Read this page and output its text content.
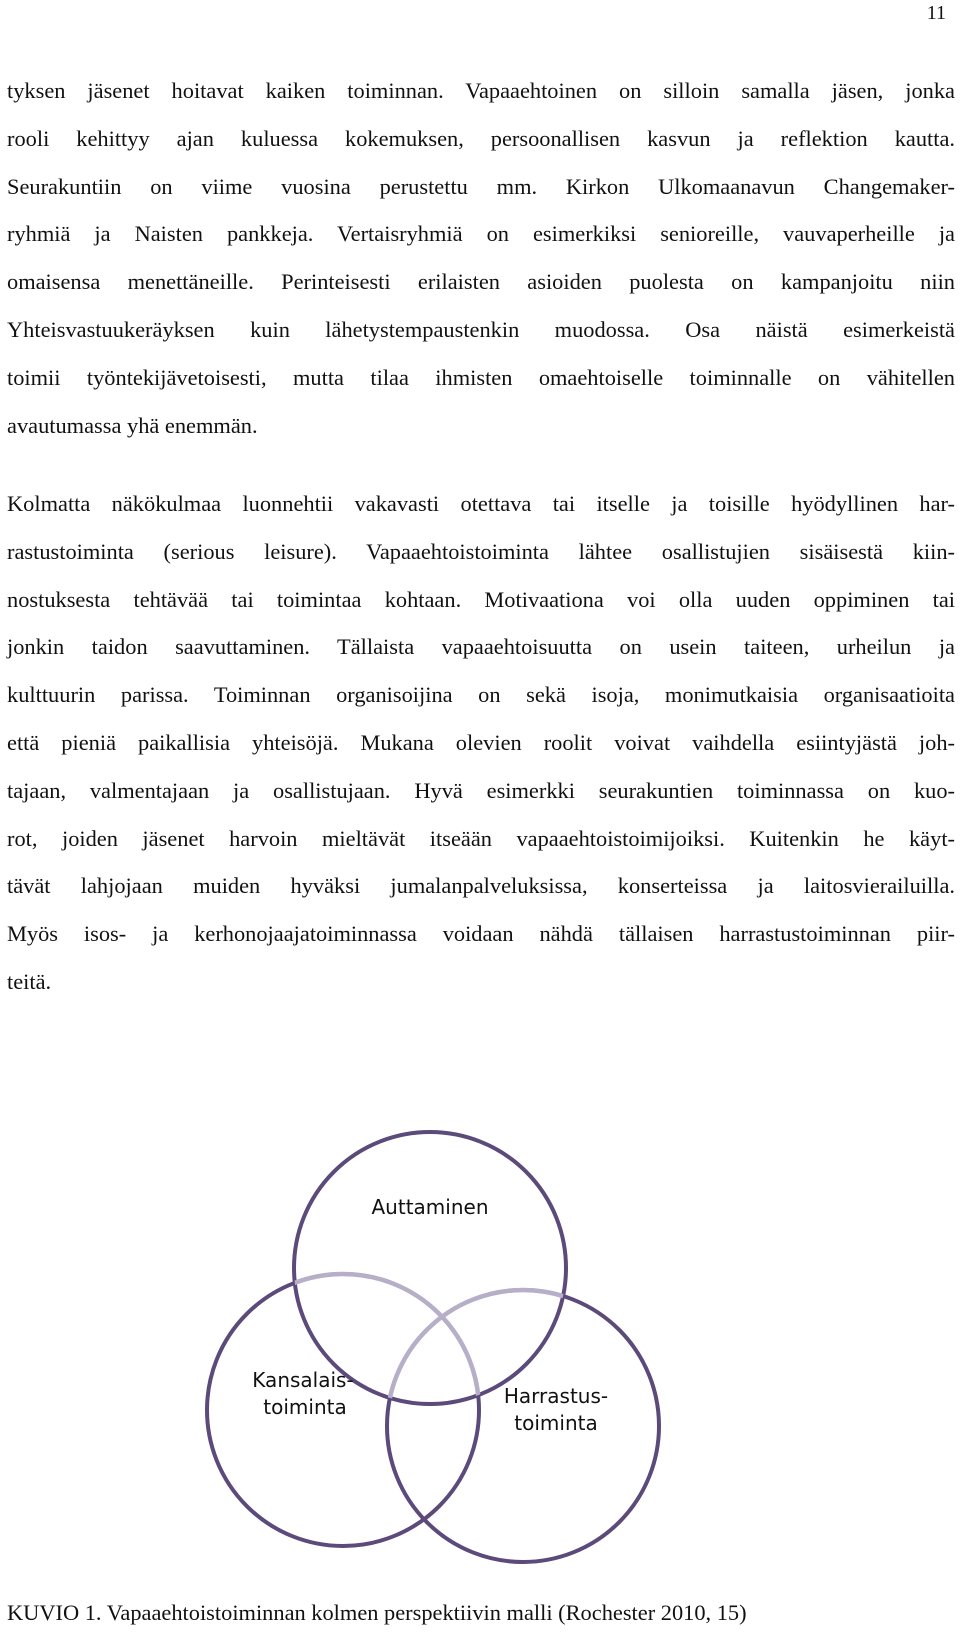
11
tyksen jäsenet hoitavat kaiken toiminnan. Vapaaehtoinen on silloin samalla jäsen, jonka
rooli kehittyy ajan kuluessa kokemuksen, persoonallisen kasvun ja reflektion kautta.
Seurakuntiin on viime vuosina perustettu mm. Kirkon Ulkomaanavun Changemaker-
ryhmiä ja Naisten pankkeja. Vertaisryhmiä on esimerkiksi senioreille, vauvaperheille ja
omaisensa menettäneille. Perinteisesti erilaisten asioiden puolesta on kampanjoitu niin
Yhteisvastuukeräyksen kuin lähetystempaustenkin muodossa. Osa näistä esimerkeistä
toimii työntekijävetoisesti, mutta tilaa ihmisten omaehtoiselle toiminnalle on vähitellen
avautumassa yhä enemmän.
Kolmatta näkökulmaa luonnehtii vakavasti otettava tai itselle ja toisille hyödyllinen har-
rastustoiminta (serious leisure). Vapaaehtoistoiminta lähtee osallistujien sisäisestä kiin-
nostuksesta tehtävää tai toimintaa kohtaan. Motivaationa voi olla uuden oppiminen tai
jonkin taidon saavuttaminen. Tällaista vapaaehtoisuutta on usein taiteen, urheilun ja
kulttuurin parissa. Toiminnan organisoijina on sekä isoja, monimutkaisia organisaatioita
että pieniä paikallisia yhteisöjä. Mukana olevien roolit voivat vaihdella esiintyjästä joh-
tajaan, valmentajaan ja osallistujaan. Hyvä esimerkki seurakuntien toiminnassa on kuo-
rot, joiden jäsenet harvoin mieltävät itseään vapaaehtoistoimijoiksi. Kuitenkin he käyt-
tävät lahjojaan muiden hyväksi jumalanpalveluksissa, konserteissa ja laitosvierailuilla.
Myös isos- ja kerhonojaajatoiminnassa voidaan nähdä tällaisen harrastustoiminnan piir-
teitä.
Auttaminen
Kansalais-
toiminta	Harrastus-
toiminta
KUVIO 1. Vapaaehtoistoiminnan kolmen perspektiivin malli (Rochester 2010, 15)
